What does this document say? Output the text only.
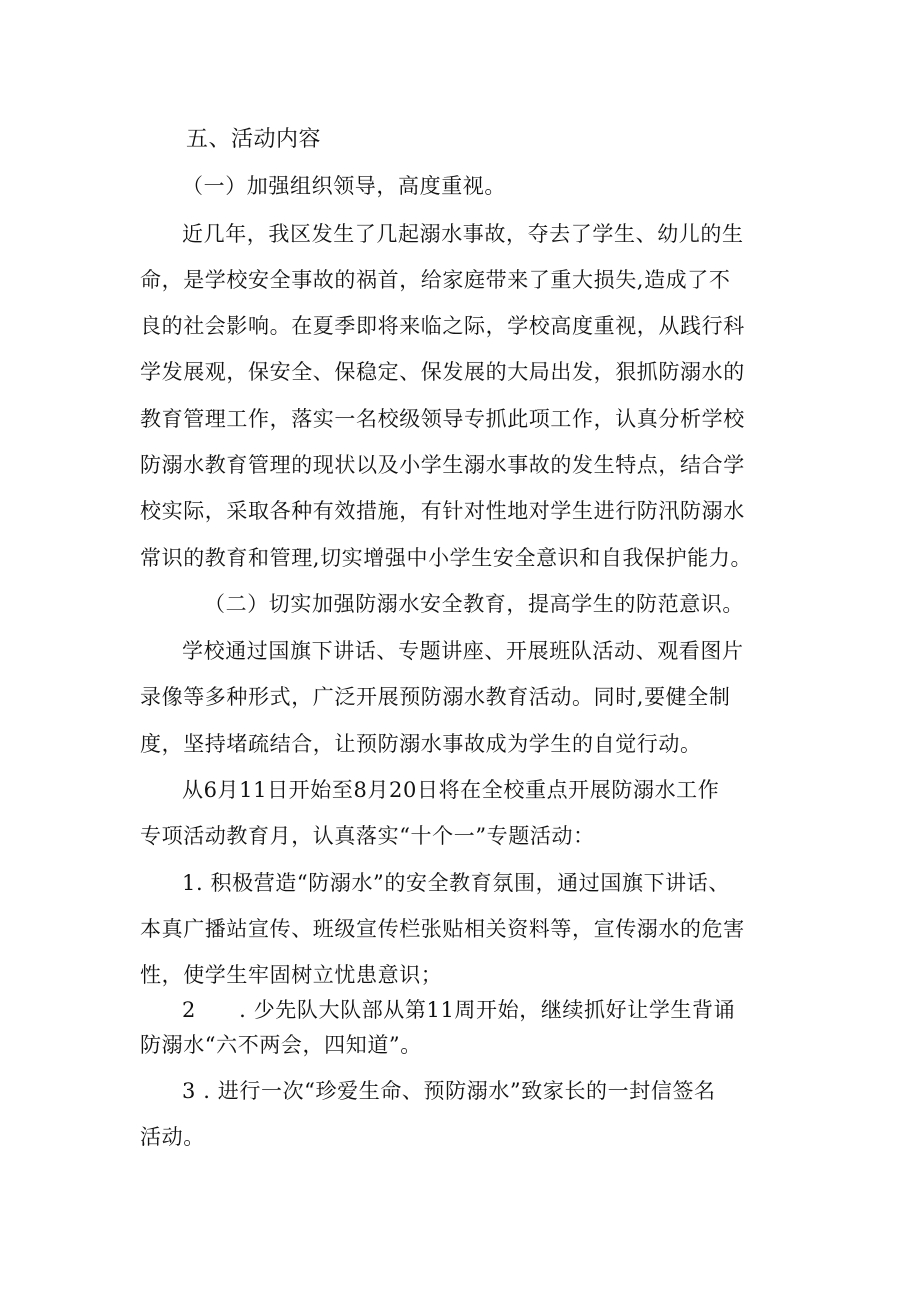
五、活动内容

（一）加强组织领导，高度重视。

近几年，我区发生了几起溺水事故，夺去了学生、幼儿的生

命，是学校安全事故的祸首，给家庭带来了重大损失,造成了不

良的社会影响。在夏季即将来临之际，学校高度重视，从践行科

学发展观，保安全、保稳定、保发展的大局出发，狠抓防溺水的

教育管理工作，落实一名校级领导专抓此项工作，认真分析学校

防溺水教育管理的现状以及小学生溺水事故的发生特点，结合学

校实际，采取各种有效措施，有针对性地对学生进行防汛防溺水

常识的教育和管理,切实增强中小学生安全意识和自我保护能力。

（二）切实加强防溺水安全教育，提高学生的防范意识。

学校通过国旗下讲话、专题讲座、开展班队活动、观看图片

录像等多种形式，广泛开展预防溺水教育活动。同时,要健全制

度，坚持堵疏结合，让预防溺水事故成为学生的自觉行动。

从6月11日开始至8月20日将在全校重点开展防溺水工作

专项活动教育月，认真落实“十个一”专题活动：

1. 积极营造“防溺水”的安全教育氛围，通过国旗下讲话、

本真广播站宣传、班级宣传栏张贴相关资料等，宣传溺水的危害

性，使学生牢固树立忧患意识；

2　　. 少先队大队部从第11周开始，继续抓好让学生背诵

防溺水“六不两会，四知道”。

3 . 进行一次“珍爱生命、预防溺水”致家长的一封信签名

活动。
